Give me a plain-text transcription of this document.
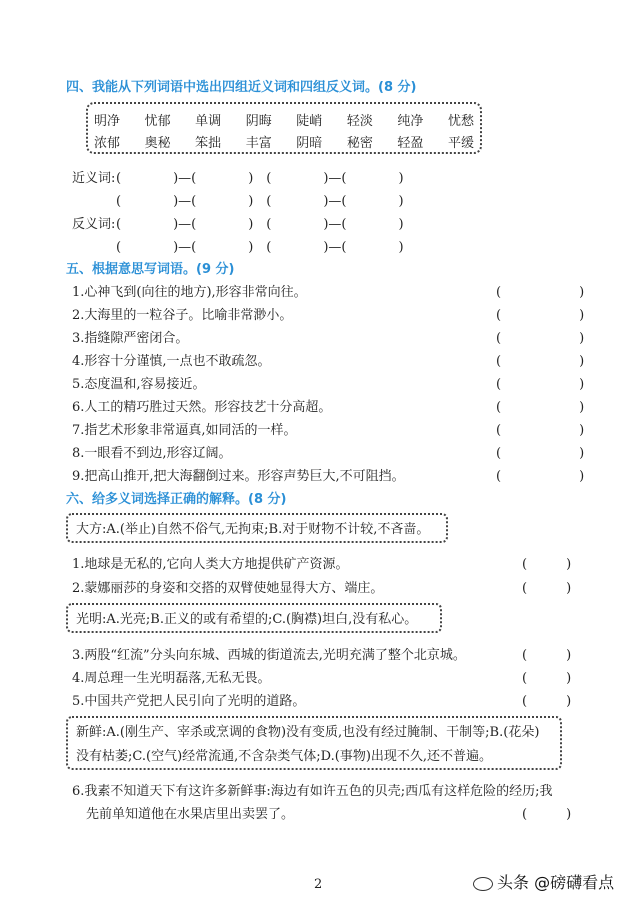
四、我能从下列词语中选出四组近义词和四组反义词。(8 分)
明净 忧郁 单调 阴晦 陡峭 轻淡 纯净 忧愁
浓郁 奥秘 笨拙 丰富 阴暗 秘密 轻盈 平缓
近义词: (　　　　)—(　　　　)　(　　　　)—(　　　　)
(　　　　)—(　　　　)　(　　　　)—(　　　　)
反义词: (　　　　)—(　　　　)　(　　　　)—(　　　　)
(　　　　)—(　　　　)　(　　　　)—(　　　　)
五、根据意思写词语。(9 分)
1.心神飞到(向往的地方),形容非常向往。	(　　　　　　)
2.大海里的一粒谷子。比喻非常渺小。	(　　　　　　)
3.指缝隙严密闭合。	(　　　　　　)
4.形容十分谨慎,一点也不敢疏忽。	(　　　　　　)
5.态度温和,容易接近。	(　　　　　　)
6.人工的精巧胜过天然。形容技艺十分高超。	(　　　　　　)
7.指艺术形象非常逼真,如同活的一样。	(　　　　　　)
8.一眼看不到边,形容辽阔。	(　　　　　　)
9.把高山推开,把大海翻倒过来。形容声势巨大,不可阻挡。	(　　　　　　)
六、给多义词选择正确的解释。(8 分)
大方:A.(举止)自然不俗气,无拘束;B.对于财物不计较,不吝啬。
1.地球是无私的,它向人类大方地提供矿产资源。	(　　　)
2.蒙娜丽莎的身姿和交搭的双臂使她显得大方、端庄。	(　　　)
光明:A.光亮;B.正义的或有希望的;C.(胸襟)坦白,没有私心。
3.两股“红流”分头向东城、西城的街道流去,光明充满了整个北京城。	(　　　)
4.周总理一生光明磊落,无私无畏。	(　　　)
5.中国共产党把人民引向了光明的道路。	(　　　)
新鲜:A.(刚生产、宰杀或烹调的食物)没有变质,也没有经过腌制、干制等;B.(花朵)
没有枯萎;C.(空气)经常流通,不含杂类气体;D.(事物)出现不久,还不普遍。
6.我素不知道天下有这许多新鲜事:海边有如许五色的贝壳;西瓜有这样危险的经历;我
先前单知道他在水果店里出卖罢了。	(　　　)
2	头条 @磅礴看点
